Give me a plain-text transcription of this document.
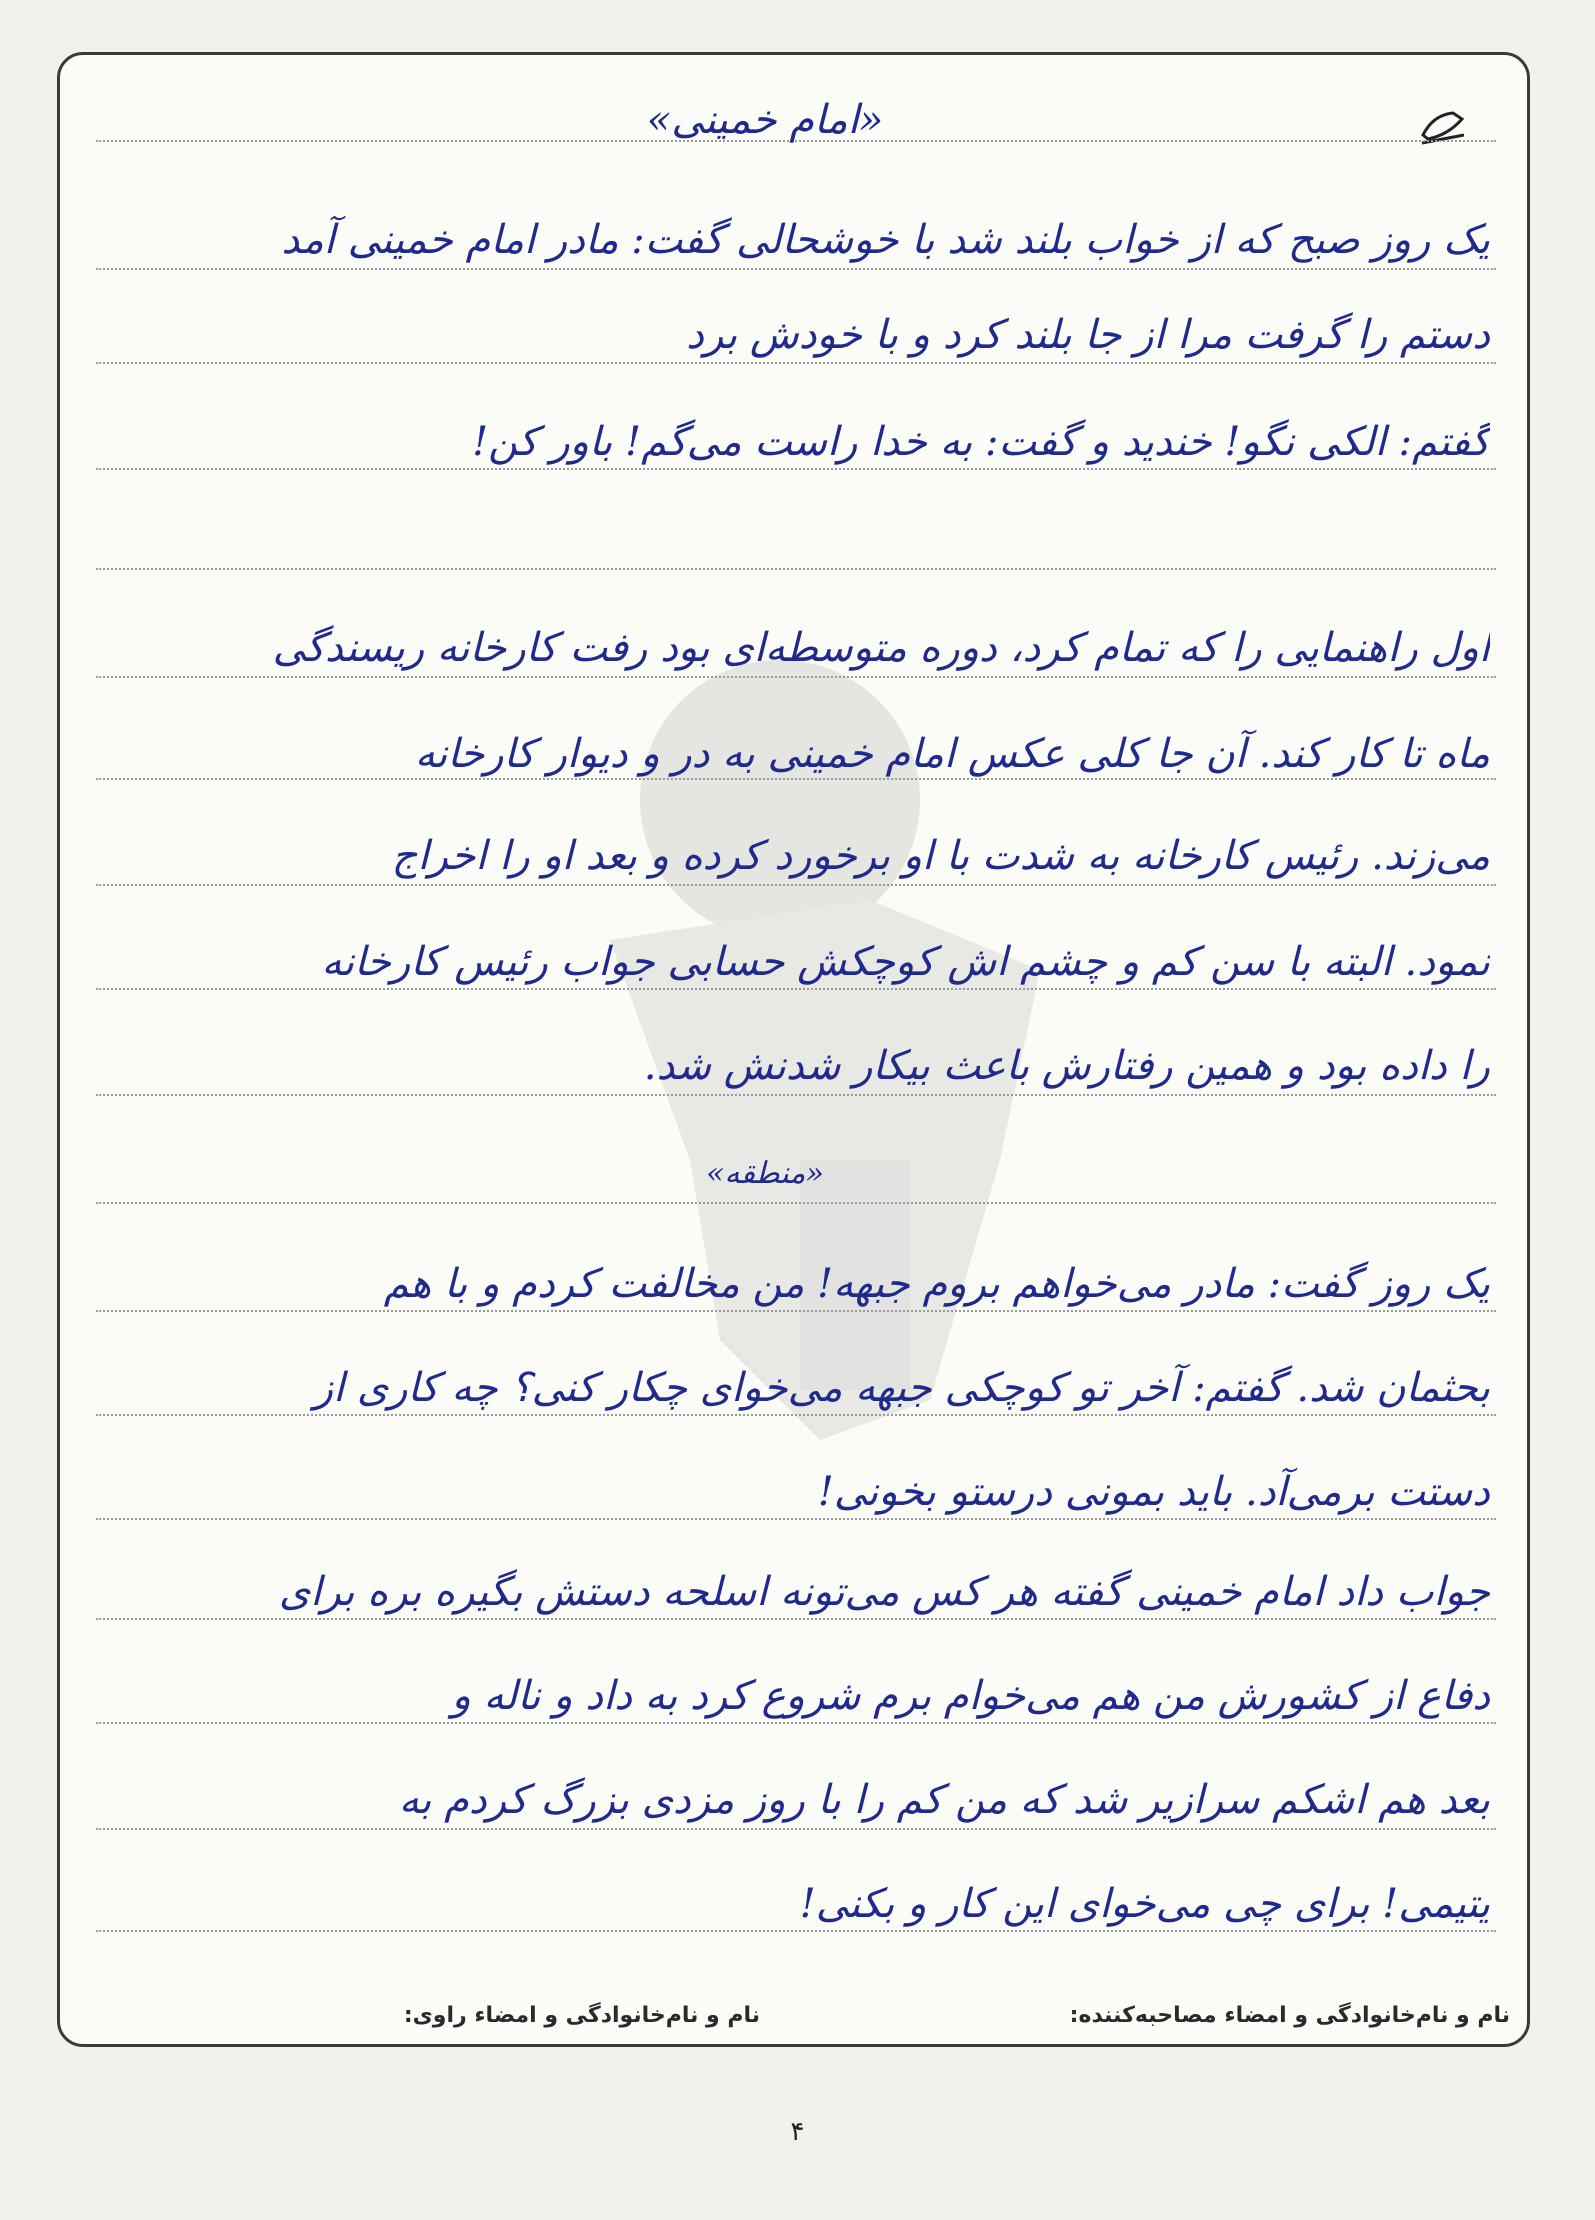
«امام خمینی»
یک روز صبح که از خواب بلند شد با خوشحالی گفت: مادر امام خمینی آمد
دستم را گرفت مرا از جا بلند کرد و با خودش برد
گفتم: الکی نگو! خندید و گفت: به خدا راست می‌گم! باور کن!
اول راهنمایی را که تمام کرد، دوره متوسطه‌ای بود رفت کارخانه ریسندگی
ماه تا کار کند. آن جا کلی عکس امام خمینی به در و دیوار کارخانه
می‌زند. رئیس کارخانه به شدت با او برخورد کرده و بعد او را اخراج
نمود. البته با سن کم و چشم اش کوچکش حسابی جواب رئیس کارخانه
را داده بود و همین رفتارش باعث بیکار شدنش شد.
«منطقه»
یک روز گفت: مادر می‌خواهم بروم جبهه! من مخالفت کردم و با هم
بحثمان شد. گفتم: آخر تو کوچکی جبهه می‌خوای چکار کنی؟ چه کاری از
دستت برمی‌آد. باید بمونی درستو بخونی!
جواب داد امام خمینی گفته هر کس می‌تونه اسلحه دستش بگیره بره برای
دفاع از کشورش من هم می‌خوام برم شروع کرد به داد و ناله و
بعد هم اشکم سرازیر شد که من کم را با روز مزدی بزرگ کردم به
یتیمی! برای چی می‌خوای این کار و بکنی!
نام و نام‌خانوادگی و امضاء مصاحبه‌کننده:
نام و نام‌خانوادگی و امضاء راوی:
۴
